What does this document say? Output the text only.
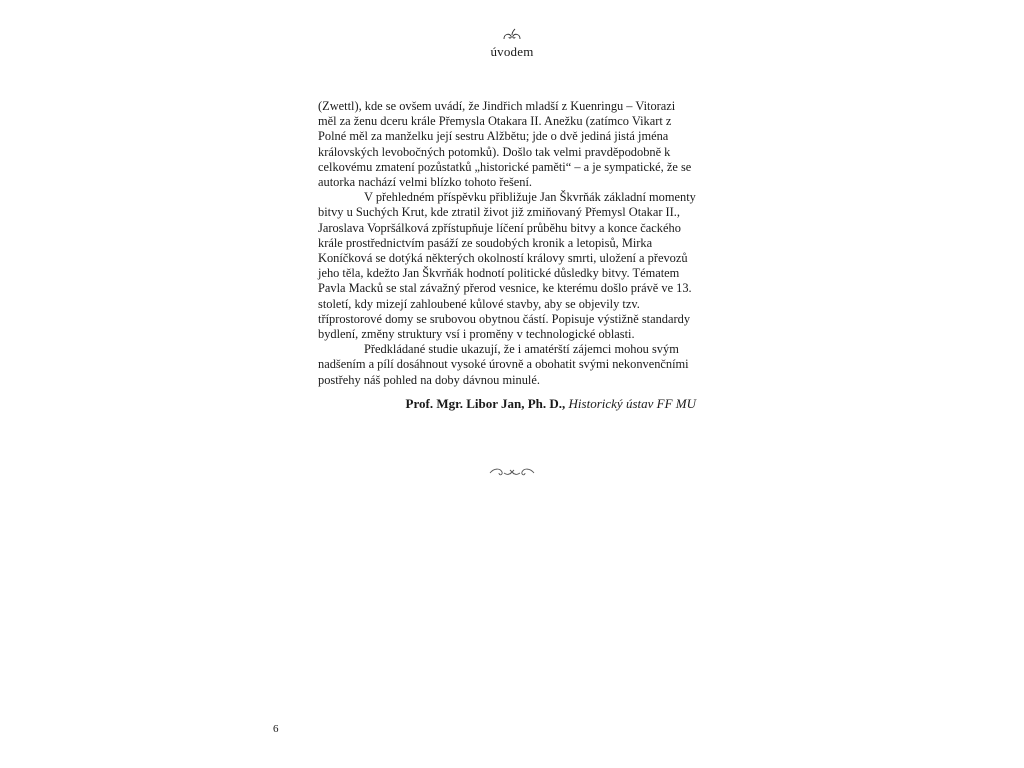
úvodem

(Zwettl), kde se ovšem uvádí, že Jindřich mladší z Kuenringu – Vitorazi měl za ženu dceru krále Přemysla Otakara II. Anežku (zatímco Vikart z Polné měl za manželku její sestru Alžbětu; jde o dvě jediná jistá jména královských levobočných potomků). Došlo tak velmi pravděpodobně k celkovému zmatení pozůstatků „historické paměti“ – a je sympatické, že se autorka nachází velmi blízko tohoto řešení.

V přehledném příspěvku přibližuje Jan Škvrňák základní momenty bitvy u Suchých Krut, kde ztratil život již zmiňovaný Přemysl Otakar II., Jaroslava Vopršálková zpřístupňuje líčení průběhu bitvy a konce čackého krále prostřednictvím pasáží ze soudobých kronik a letopisů, Mirka Koníčková se dotýká některých okolností královy smrti, uložení a převozů jeho těla, kdežto Jan Škvrňák hodnotí politické důsledky bitvy. Tématem Pavla Macků se stal závažný přerod vesnice, ke kterému došlo právě ve 13. století, kdy mizejí zahloubené kůlové stavby, aby se objevily tzv. tříprostorové domy se srubovou obytnou částí. Popisuje výstižně standardy bydlení, změny struktury vsí i proměny v technologické oblasti.

Předkládané studie ukazují, že i amatérští zájemci mohou svým nadšením a pílí dosáhnout vysoké úrovně a obohatit svými nekonvenčními postřehy náš pohled na doby dávnou minulé.

Prof. Mgr. Libor Jan, Ph. D., Historický ústav FF MU
6
